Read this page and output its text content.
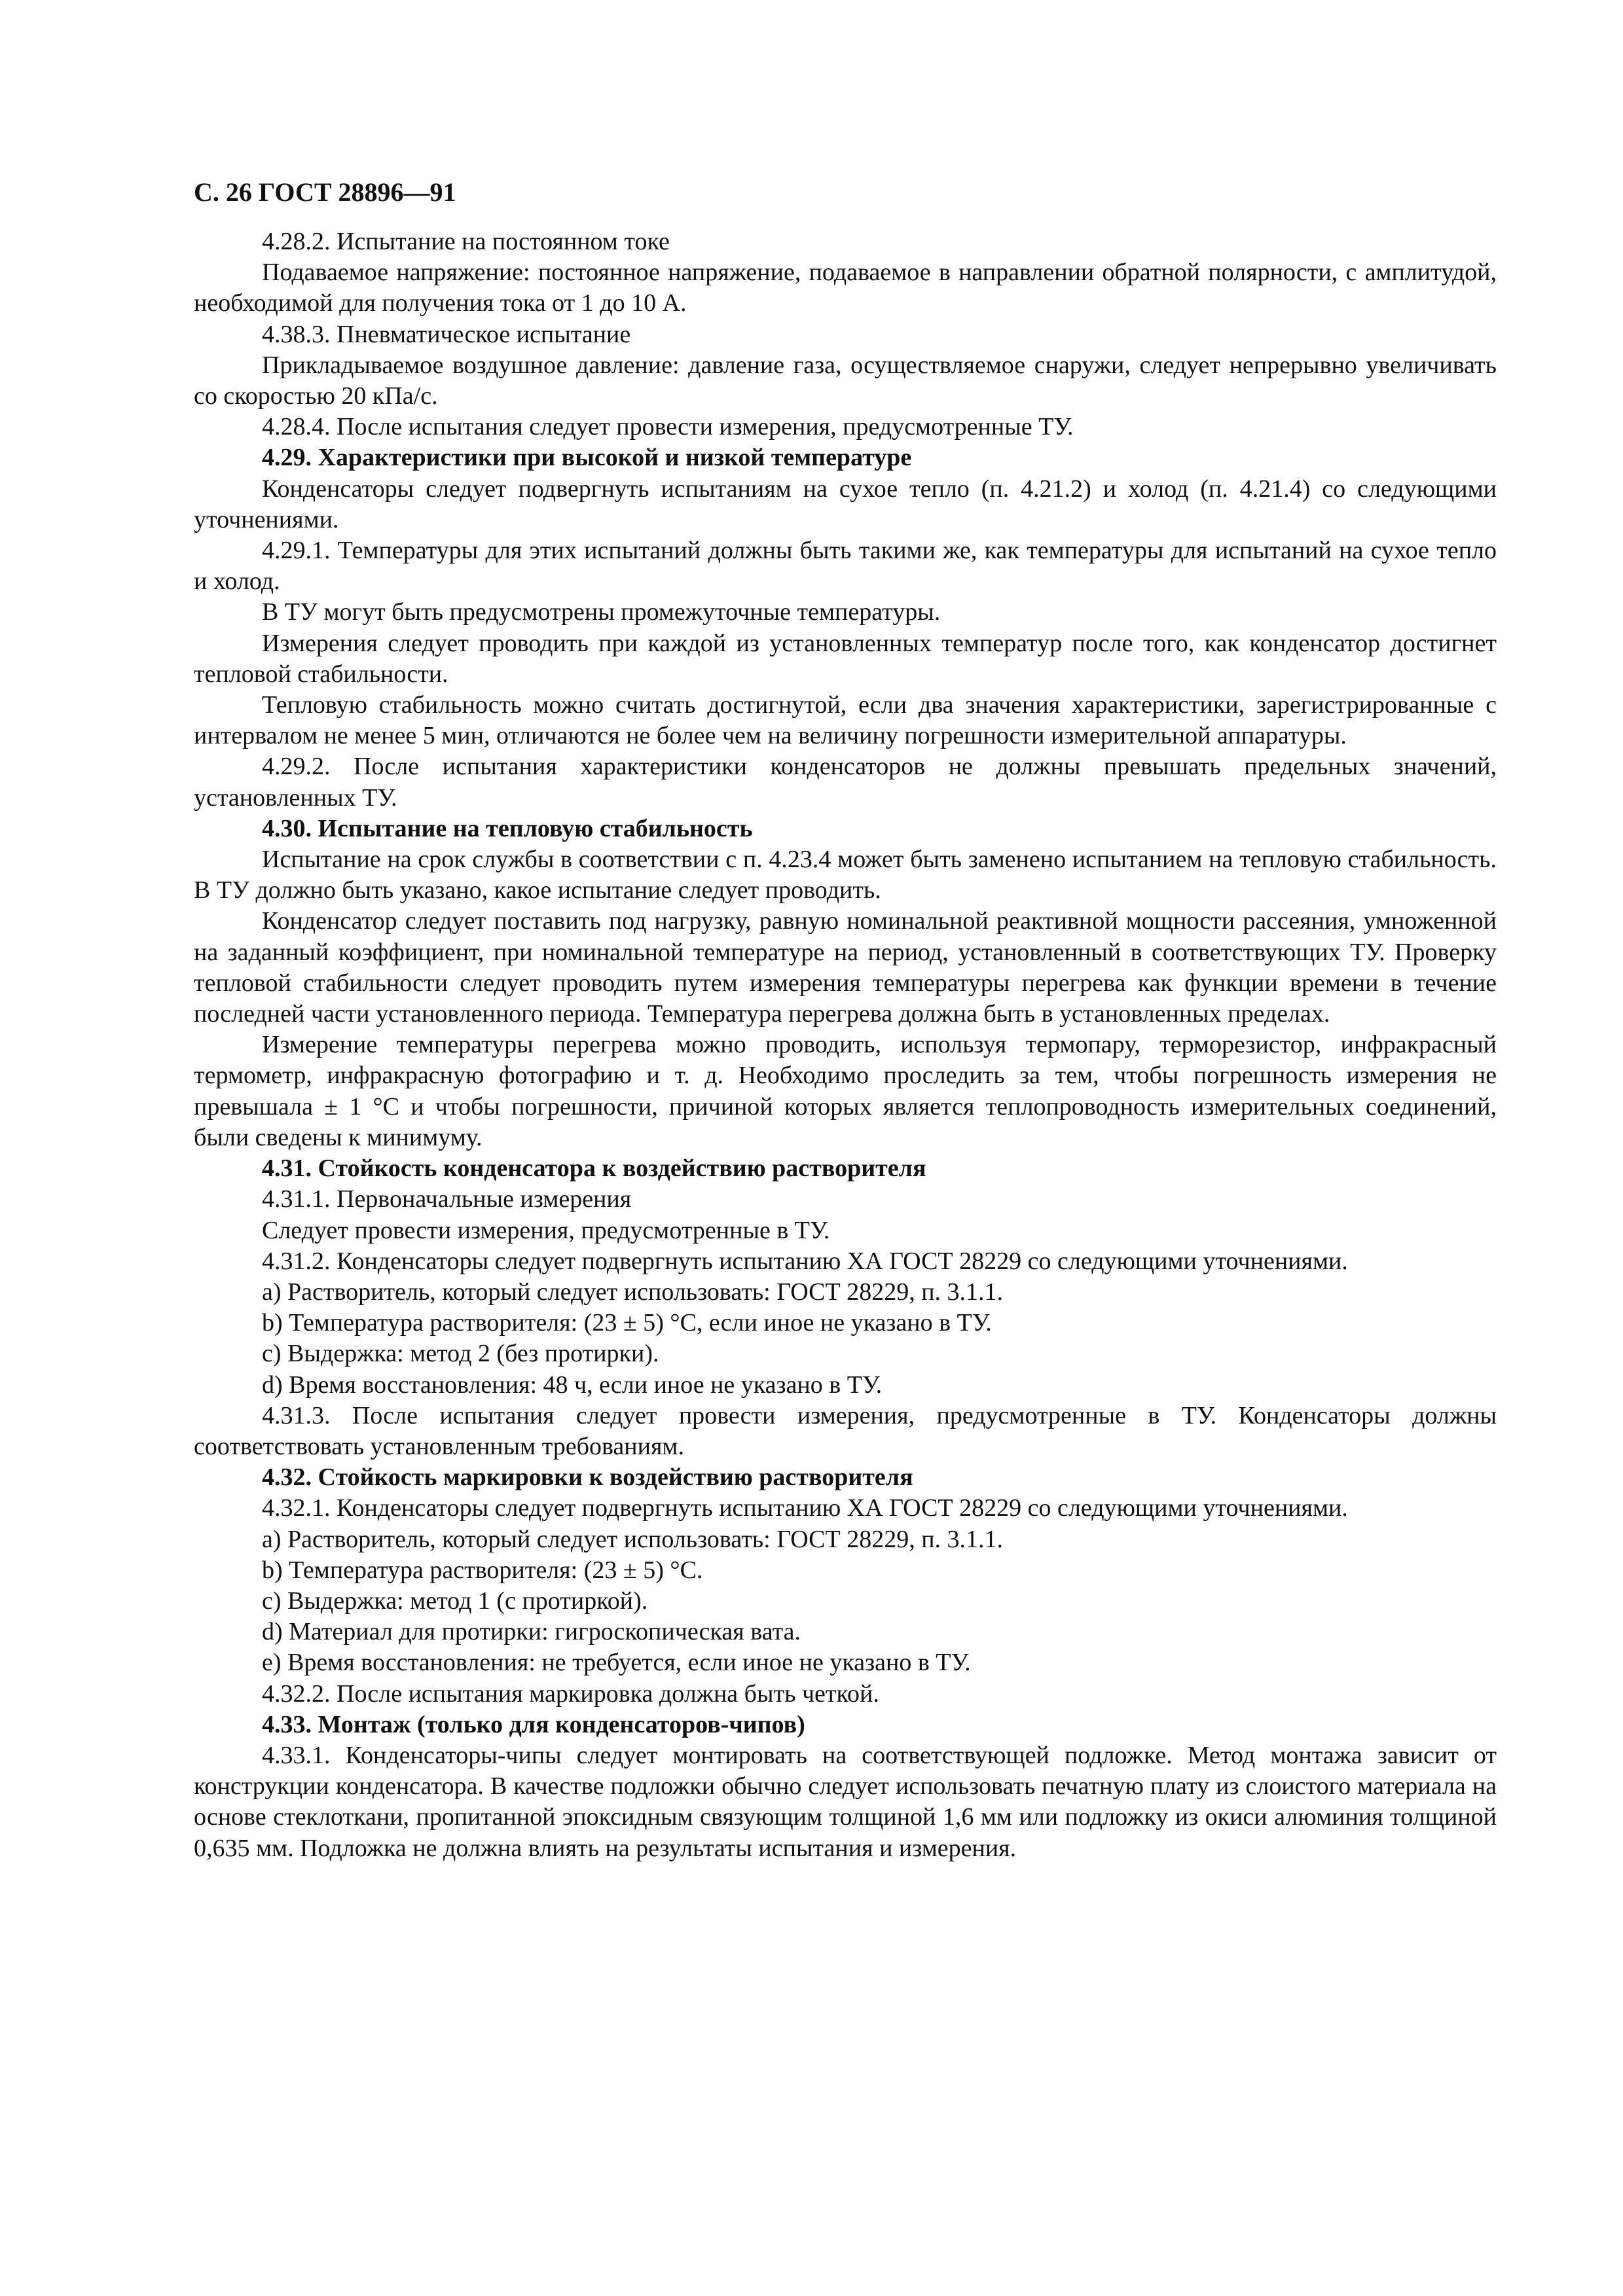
С. 26 ГОСТ 28896—91

4.28.2. Испытание на постоянном токе

Подаваемое напряжение: постоянное напряжение, подаваемое в направлении обратной полярности, с амплитудой, необходимой для получения тока от 1 до 10 А.

4.38.3. Пневматическое испытание

Прикладываемое воздушное давление: давление газа, осуществляемое снаружи, следует непрерывно увеличивать со скоростью 20 кПа/с.

4.28.4. После испытания следует провести измерения, предусмотренные ТУ.

4.29. Характеристики при высокой и низкой температуре

Конденсаторы следует подвергнуть испытаниям на сухое тепло (п. 4.21.2) и холод (п. 4.21.4) со следующими уточнениями.

4.29.1. Температуры для этих испытаний должны быть такими же, как температуры для испытаний на сухое тепло и холод.

В ТУ могут быть предусмотрены промежуточные температуры.

Измерения следует проводить при каждой из установленных температур после того, как конденсатор достигнет тепловой стабильности.

Тепловую стабильность можно считать достигнутой, если два значения характеристики, зарегистрированные с интервалом не менее 5 мин, отличаются не более чем на величину погрешности измерительной аппаратуры.

4.29.2. После испытания характеристики конденсаторов не должны превышать предельных значений, установленных ТУ.

4.30. Испытание на тепловую стабильность

Испытание на срок службы в соответствии с п. 4.23.4 может быть заменено испытанием на тепловую стабильность. В ТУ должно быть указано, какое испытание следует проводить.

Конденсатор следует поставить под нагрузку, равную номинальной реактивной мощности рассеяния, умноженной на заданный коэффициент, при номинальной температуре на период, установленный в соответствующих ТУ. Проверку тепловой стабильности следует проводить путем измерения температуры перегрева как функции времени в течение последней части установленного периода. Температура перегрева должна быть в установленных пределах.

Измерение температуры перегрева можно проводить, используя термопару, терморезистор, инфракрасный термометр, инфракрасную фотографию и т. д. Необходимо проследить за тем, чтобы погрешность измерения не превышала ± 1 °С и чтобы погрешности, причиной которых является теплопроводность измерительных соединений, были сведены к минимуму.

4.31. Стойкость конденсатора к воздействию растворителя

4.31.1. Первоначальные измерения

Следует провести измерения, предусмотренные в ТУ.

4.31.2. Конденсаторы следует подвергнуть испытанию ХА ГОСТ 28229 со следующими уточнениями.

a) Растворитель, который следует использовать: ГОСТ 28229, п. 3.1.1.

b) Температура растворителя: (23 ± 5) °С, если иное не указано в ТУ.

c) Выдержка: метод 2 (без протирки).

d) Время восстановления: 48 ч, если иное не указано в ТУ.

4.31.3. После испытания следует провести измерения, предусмотренные в ТУ. Конденсаторы должны соответствовать установленным требованиям.

4.32. Стойкость маркировки к воздействию растворителя

4.32.1. Конденсаторы следует подвергнуть испытанию ХА ГОСТ 28229 со следующими уточнениями.

a) Растворитель, который следует использовать: ГОСТ 28229, п. 3.1.1.

b) Температура растворителя: (23 ± 5) °С.

c) Выдержка: метод 1 (с протиркой).

d) Материал для протирки: гигроскопическая вата.

e) Время восстановления: не требуется, если иное не указано в ТУ.

4.32.2. После испытания маркировка должна быть четкой.

4.33. Монтаж (только для конденсаторов-чипов)

4.33.1. Конденсаторы-чипы следует монтировать на соответствующей подложке. Метод монтажа зависит от конструкции конденсатора. В качестве подложки обычно следует использовать печатную плату из слоистого материала на основе стеклоткани, пропитанной эпоксидным связующим толщиной 1,6 мм или подложку из окиси алюминия толщиной 0,635 мм. Подложка не должна влиять на результаты испытания и измерения.
